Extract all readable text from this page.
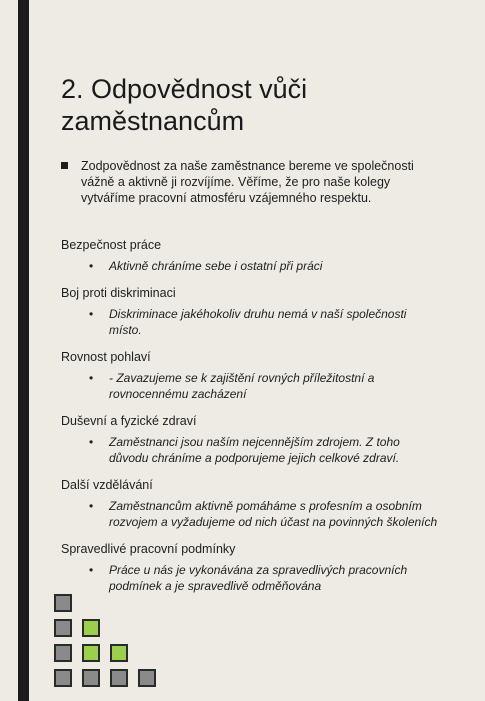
2. Odpovědnost vůči
zaměstnancům
Zodpovědnost za naše zaměstnance bereme ve společnosti vážně a aktivně ji rozvíjíme. Věříme, že pro naše kolegy vytváříme pracovní atmosféru vzájemného respektu.

Bezpečnost práce

• Aktivně chráníme sebe i ostatní při práci

Boj proti diskriminaci

• Diskriminace jakéhokoliv druhu nemá v naší společnosti místo.

Rovnost pohlaví

• - Zavazujeme se k zajištění rovných příležitostní a rovnocennému zacházení

Duševní a fyzické zdraví

• Zaměstnanci jsou naším nejcennějším zdrojem. Z toho důvodu chráníme a podporujeme jejich celkové zdraví.

Další vzdělávání

• Zaměstnancům aktivně pomáháme s profesním a osobním rozvojem a vyžadujeme od nich účast na povinných školeních

Spravedlivé pracovní podmínky

• Práce u nás je vykonávána za spravedlivých pracovních podmínek a je spravedlivě odměňována
